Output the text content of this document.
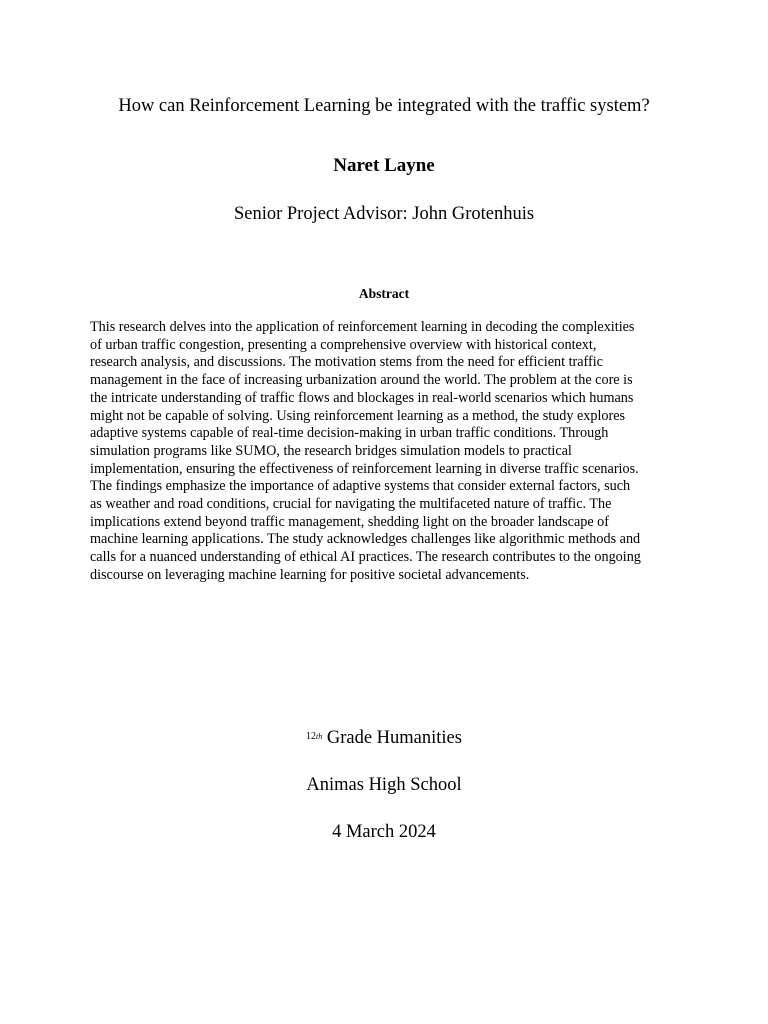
How can Reinforcement Learning be integrated with the traffic system?
Naret Layne
Senior Project Advisor: John Grotenhuis
Abstract
This research delves into the application of reinforcement learning in decoding the complexities
of urban traffic congestion, presenting a comprehensive overview with historical context,
research analysis, and discussions. The motivation stems from the need for efficient traffic
management in the face of increasing urbanization around the world. The problem at the core is
the intricate understanding of traffic flows and blockages in real-world scenarios which humans
might not be capable of solving. Using reinforcement learning as a method, the study explores
adaptive systems capable of real-time decision-making in urban traffic conditions. Through
simulation programs like SUMO, the research bridges simulation models to practical
implementation, ensuring the effectiveness of reinforcement learning in diverse traffic scenarios.
The findings emphasize the importance of adaptive systems that consider external factors, such
as weather and road conditions, crucial for navigating the multifaceted nature of traffic. The
implications extend beyond traffic management, shedding light on the broader landscape of
machine learning applications. The study acknowledges challenges like algorithmic methods and
calls for a nuanced understanding of ethical AI practices. The research contributes to the ongoing
discourse on leveraging machine learning for positive societal advancements.
$^{12th}$ Grade Humanities
Animas High School
4 March 2024
